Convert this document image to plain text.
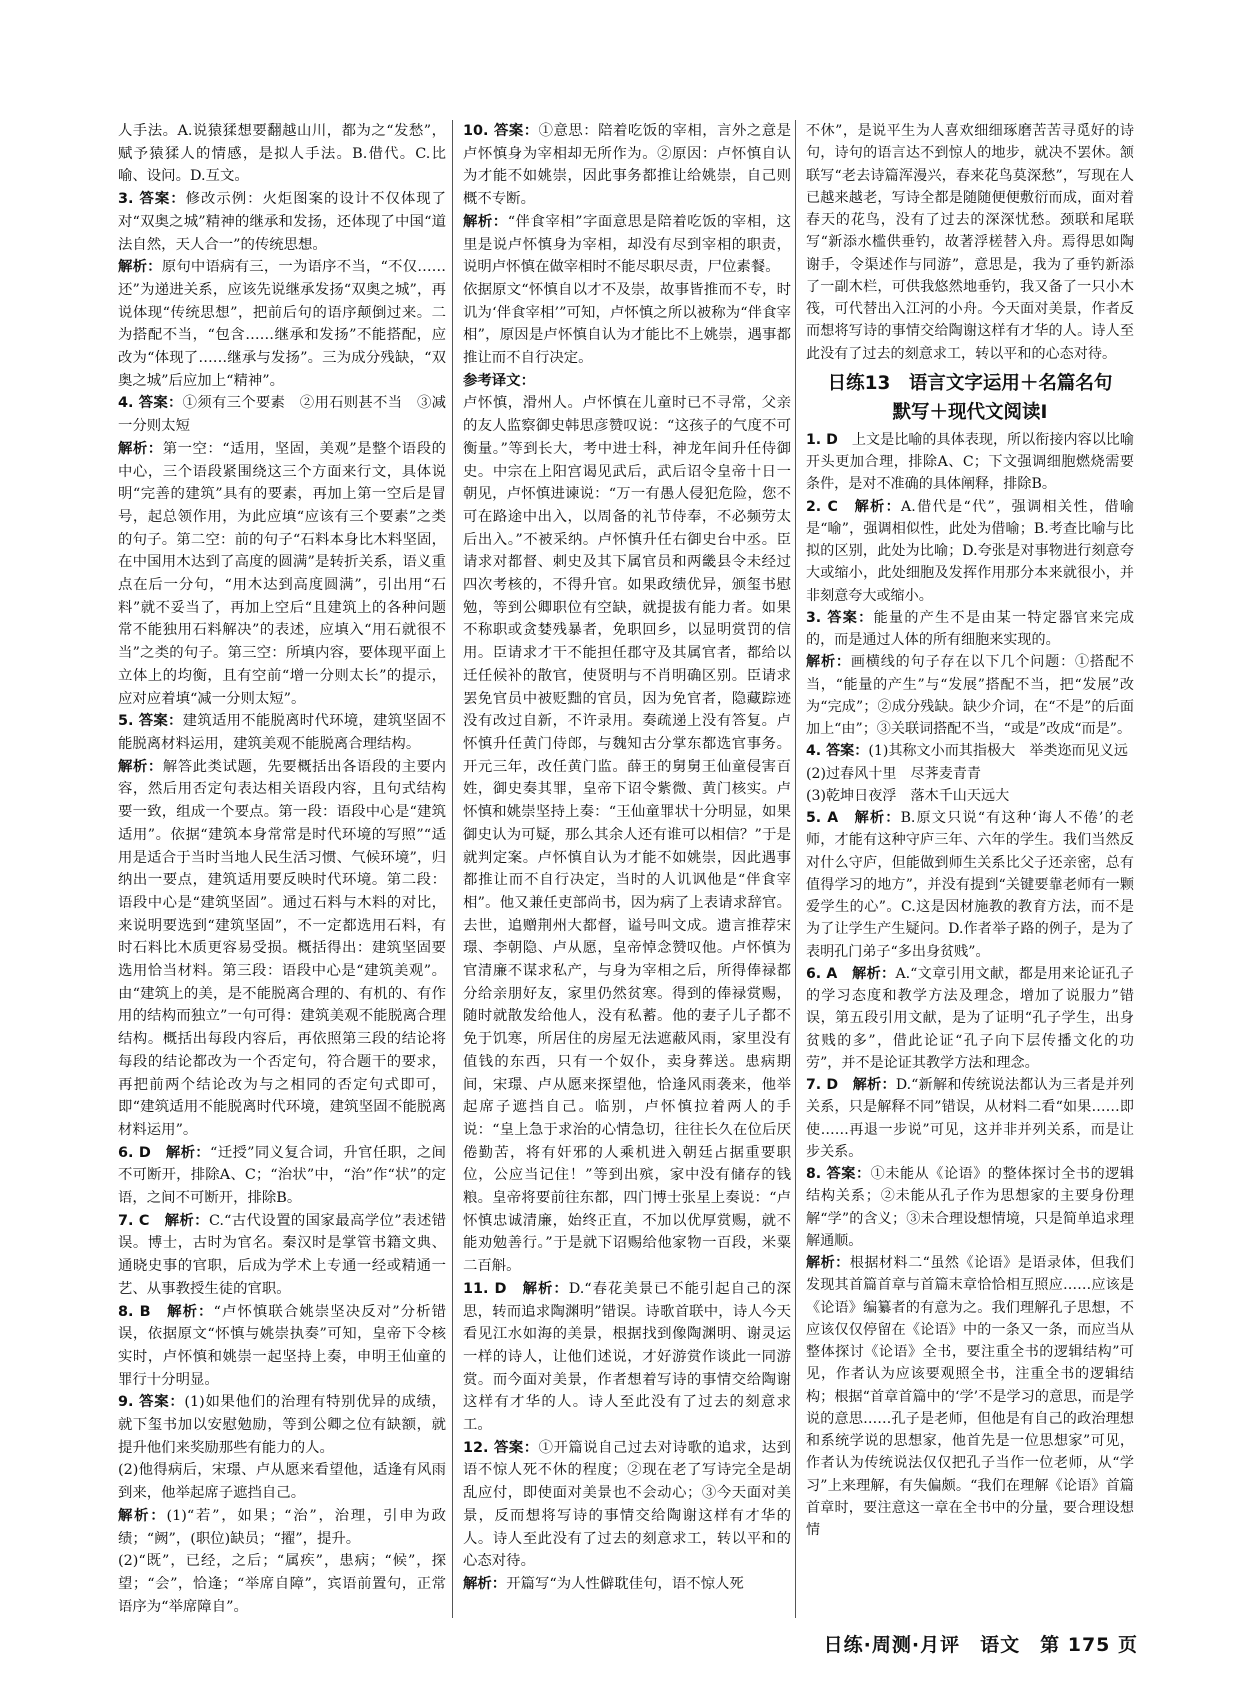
人手法。A.说猿猱想要翻越山川，都为之“发愁”，赋予猿猱人的情感，是拟人手法。B.借代。C.比喻、设问。D.互文。

3. 答案：修改示例：火炬图案的设计不仅体现了对“双奥之城”精神的继承和发扬，还体现了中国“道法自然，天人合一”的传统思想。

解析：原句中语病有三，一为语序不当，“不仅……还”为递进关系，应该先说继承发扬“双奥之城”，再说体现“传统思想”，把前后句的语序颠倒过来。二为搭配不当，“包含……继承和发扬”不能搭配，应改为“体现了……继承与发扬”。三为成分残缺，“双奥之城”后应加上“精神”。

4. 答案：①须有三个要素　②用石则甚不当　③减一分则太短

解析：第一空：“适用，坚固，美观”是整个语段的中心，三个语段紧围绕这三个方面来行文，具体说明“完善的建筑”具有的要素，再加上第一空后是冒号，起总领作用，为此应填“应该有三个要素”之类的句子。第二空：前的句子“石料本身比木料坚固，在中国用木达到了高度的圆满”是转折关系，语义重点在后一分句，“用木达到高度圆满”，引出用“石料”就不妥当了，再加上空后“且建筑上的各种问题常不能独用石料解决”的表述，应填入“用石就很不当”之类的句子。第三空：所填内容，要体现平面上立体上的均衡，且有空前“增一分则太长”的提示，应对应着填“减一分则太短”。

5. 答案：建筑适用不能脱离时代环境，建筑坚固不能脱离材料运用，建筑美观不能脱离合理结构。

解析：解答此类试题，先要概括出各语段的主要内容，然后用否定句表达相关语段内容，且句式结构要一致，组成一个要点。第一段：语段中心是“建筑适用”。依据“建筑本身常常是时代环境的写照”“适用是适合于当时当地人民生活习惯、气候环境”，归纳出一要点，建筑适用要反映时代环境。第二段：语段中心是“建筑坚固”。通过石料与木料的对比，来说明要选到“建筑坚固”，不一定都选用石料，有时石料比木质更容易受损。概括得出：建筑坚固要选用恰当材料。第三段：语段中心是“建筑美观”。由“建筑上的美，是不能脱离合理的、有机的、有作用的结构而独立”一句可得：建筑美观不能脱离合理结构。概括出每段内容后，再依照第三段的结论将每段的结论都改为一个否定句，符合题干的要求，再把前两个结论改为与之相同的否定句式即可，即“建筑适用不能脱离时代环境，建筑坚固不能脱离材料运用”。

6. D　解析：“迁授”同义复合词，升官任职，之间不可断开，排除A、C；“治状”中，“治”作“状”的定语，之间不可断开，排除B。

7. C　解析：C.“古代设置的国家最高学位”表述错误。博士，古时为官名。秦汉时是掌管书籍文典、通晓史事的官职，后成为学术上专通一经或精通一艺、从事教授生徒的官职。

8. B　解析：“卢怀慎联合姚崇坚决反对”分析错误，依据原文“怀慎与姚崇执奏”可知，皇帝下令核实时，卢怀慎和姚崇一起坚持上奏，申明王仙童的罪行十分明显。

9. 答案：(1)如果他们的治理有特别优异的成绩，就下玺书加以安慰勉励，等到公卿之位有缺额，就提升他们来奖励那些有能力的人。

(2)他得病后，宋璟、卢从愿来看望他，适逢有风雨到来，他举起席子遮挡自己。

解析：(1)“若”，如果；“治”，治理，引申为政绩；“阙”，(职位)缺员；“擢”，提升。

(2)“既”，已经，之后；“属疾”，患病；“候”，探望；“会”，恰逢；“举席自障”，宾语前置句，正常语序为“举席障自”。

10. 答案：①意思：陪着吃饭的宰相，言外之意是卢怀慎身为宰相却无所作为。②原因：卢怀慎自认为才能不如姚崇，因此事务都推让给姚崇，自己则概不专断。

解析：“伴食宰相”字面意思是陪着吃饭的宰相，这里是说卢怀慎身为宰相，却没有尽到宰相的职责，说明卢怀慎在做宰相时不能尽职尽责，尸位素餐。

依据原文“怀慎自以才不及崇，故事皆推而不专，时讥为‘伴食宰相’”可知，卢怀慎之所以被称为“伴食宰相”，原因是卢怀慎自认为才能比不上姚崇，遇事都推让而不自行决定。

参考译文：

卢怀慎，滑州人。卢怀慎在儿童时已不寻常，父亲的友人监察御史韩思彦赞叹说：“这孩子的气度不可衡量。”等到长大，考中进士科，神龙年间升任侍御史。中宗在上阳宫谒见武后，武后诏令皇帝十日一朝见，卢怀慎进谏说：“万一有愚人侵犯危险，您不可在路途中出入，以周备的礼节侍奉，不必频劳太后出入。”不被采纳。卢怀慎升任右御史台中丞。臣请求对都督、刺史及其下属官员和两畿县令未经过四次考核的，不得升官。如果政绩优异，颁玺书慰勉，等到公卿职位有空缺，就提拔有能力者。如果不称职或贪婪残暴者，免职回乡，以显明赏罚的信用。臣请求才干不能担任郡守及其属官者，都给以迁任候补的散官，使贤明与不肖明确区别。臣请求罢免官员中被贬黜的官员，因为免官者，隐藏踪迹没有改过自新，不许录用。奏疏递上没有答复。卢怀慎升任黄门侍郎，与魏知古分掌东都选官事务。开元三年，改任黄门监。薛王的舅舅王仙童侵害百姓，御史奏其罪，皇帝下诏令紫微、黄门核实。卢怀慎和姚崇坚持上奏：“王仙童罪状十分明显，如果御史认为可疑，那么其余人还有谁可以相信？”于是就判定案。卢怀慎自认为才能不如姚崇，因此遇事都推让而不自行决定，当时的人讥讽他是“伴食宰相”。他又兼任吏部尚书，因为病了上表请求辞官。去世，追赠荆州大都督，谥号叫文成。遗言推荐宋璟、李朝隐、卢从愿，皇帝悼念赞叹他。卢怀慎为官清廉不谋求私产，与身为宰相之后，所得俸禄都分给亲朋好友，家里仍然贫寒。得到的俸禄赏赐，随时就散发给他人，没有私蓄。他的妻子儿子都不免于饥寒，所居住的房屋无法遮蔽风雨，家里没有值钱的东西，只有一个奴仆，卖身葬送。患病期间，宋璟、卢从愿来探望他，恰逢风雨袭来，他举起席子遮挡自己。临别，卢怀慎拉着两人的手说：“皇上急于求治的心情急切，往往长久在位后厌倦勤苦，将有奸邪的人乘机进入朝廷占据重要职位，公应当记住！”等到出殡，家中没有储存的钱粮。皇帝将要前往东都，四门博士张星上奏说：“卢怀慎忠诚清廉，始终正直，不加以优厚赏赐，就不能劝勉善行。”于是就下诏赐给他家物一百段，米粟二百斛。

11. D　解析：D.“春花美景已不能引起自己的深思，转而追求陶渊明”错误。诗歌首联中，诗人今天看见江水如海的美景，根据找到像陶渊明、谢灵运一样的诗人，让他们述说，才好游赏作谈此一同游赏。而今面对美景，作者想着写诗的事情交给陶谢这样有才华的人。诗人至此没有了过去的刻意求工。

12. 答案：①开篇说自己过去对诗歌的追求，达到语不惊人死不休的程度；②现在老了写诗完全是胡乱应付，即使面对美景也不会动心；③今天面对美景，反而想将写诗的事情交给陶谢这样有才华的人。诗人至此没有了过去的刻意求工，转以平和的心态对待。

解析：开篇写“为人性僻耽佳句，语不惊人死

不休”，是说平生为人喜欢细细琢磨苦苦寻觅好的诗句，诗句的语言达不到惊人的地步，就决不罢休。颔联写“老去诗篇浑漫兴，春来花鸟莫深愁”，写现在人已越来越老，写诗全都是随随便便敷衍而成，面对着春天的花鸟，没有了过去的深深忧愁。颈联和尾联写“新添水槛供垂钓，故著浮槎替入舟。焉得思如陶谢手，令渠述作与同游”，意思是，我为了垂钓新添了一副木栏，可供我悠然地垂钓，我又备了一只小木筏，可代替出入江河的小舟。今天面对美景，作者反而想将写诗的事情交给陶谢这样有才华的人。诗人至此没有了过去的刻意求工，转以平和的心态对待。

日练13　语言文字运用＋名篇名句
默写＋现代文阅读Ⅰ

1. D　上文是比喻的具体表现，所以衔接内容以比喻开头更加合理，排除A、C；下文强调细胞燃烧需要条件，是对不准确的具体阐释，排除B。

2. C　解析：A.借代是“代”，强调相关性，借喻是“喻”，强调相似性，此处为借喻；B.考查比喻与比拟的区别，此处为比喻；D.夸张是对事物进行刻意夸大或缩小，此处细胞及发挥作用那分本来就很小，并非刻意夸大或缩小。

3. 答案：能量的产生不是由某一特定器官来完成的，而是通过人体的所有细胞来实现的。

解析：画横线的句子存在以下几个问题：①搭配不当，“能量的产生”与“发展”搭配不当，把“发展”改为“完成”；②成分残缺。缺少介词，在“不是”的后面加上“由”；③关联词搭配不当，“或是”改成“而是”。

4. 答案：(1)其称文小而其指极大　举类迩而见义远

(2)过春风十里　尽荠麦青青

(3)乾坤日夜浮　落木千山天远大

5. A　解析：B.原文只说“有这种‘诲人不倦’的老师，才能有这种守庐三年、六年的学生。我们当然反对什么守庐，但能做到师生关系比父子还亲密，总有值得学习的地方”，并没有提到“关键要靠老师有一颗爱学生的心”。C.这是因材施教的教育方法，而不是为了让学生产生疑问。D.作者举子路的例子，是为了表明孔门弟子“多出身贫贱”。

6. A　解析：A.“文章引用文献，都是用来论证孔子的学习态度和教学方法及理念，增加了说服力”错误，第五段引用文献，是为了证明“孔子学生，出身贫贱的多”，借此论证“孔子向下层传播文化的功劳”，并不是论证其教学方法和理念。

7. D　解析：D.“新解和传统说法都认为三者是并列关系，只是解释不同”错误，从材料二看“如果……即使……再退一步说”可见，这并非并列关系，而是让步关系。

8. 答案：①未能从《论语》的整体探讨全书的逻辑结构关系；②未能从孔子作为思想家的主要身份理解“学”的含义；③未合理设想情境，只是简单追求理解通顺。

解析：根据材料二“虽然《论语》是语录体，但我们发现其首篇首章与首篇末章恰恰相互照应……应该是《论语》编纂者的有意为之。我们理解孔子思想，不应该仅仅停留在《论语》中的一条又一条，而应当从整体探讨《论语》全书，要注重全书的逻辑结构”可见，作者认为应该要观照全书，注重全书的逻辑结构；根据“首章首篇中的‘学’不是学习的意思，而是学说的意思……孔子是老师，但他是有自己的政治理想和系统学说的思想家，他首先是一位思想家”可见，作者认为传统说法仅仅把孔子当作一位老师，从“学习”上来理解，有失偏颇。“我们在理解《论语》首篇首章时，要注意这一章在全书中的分量，要合理设想情

日练·周测·月评　语文　第 175 页
